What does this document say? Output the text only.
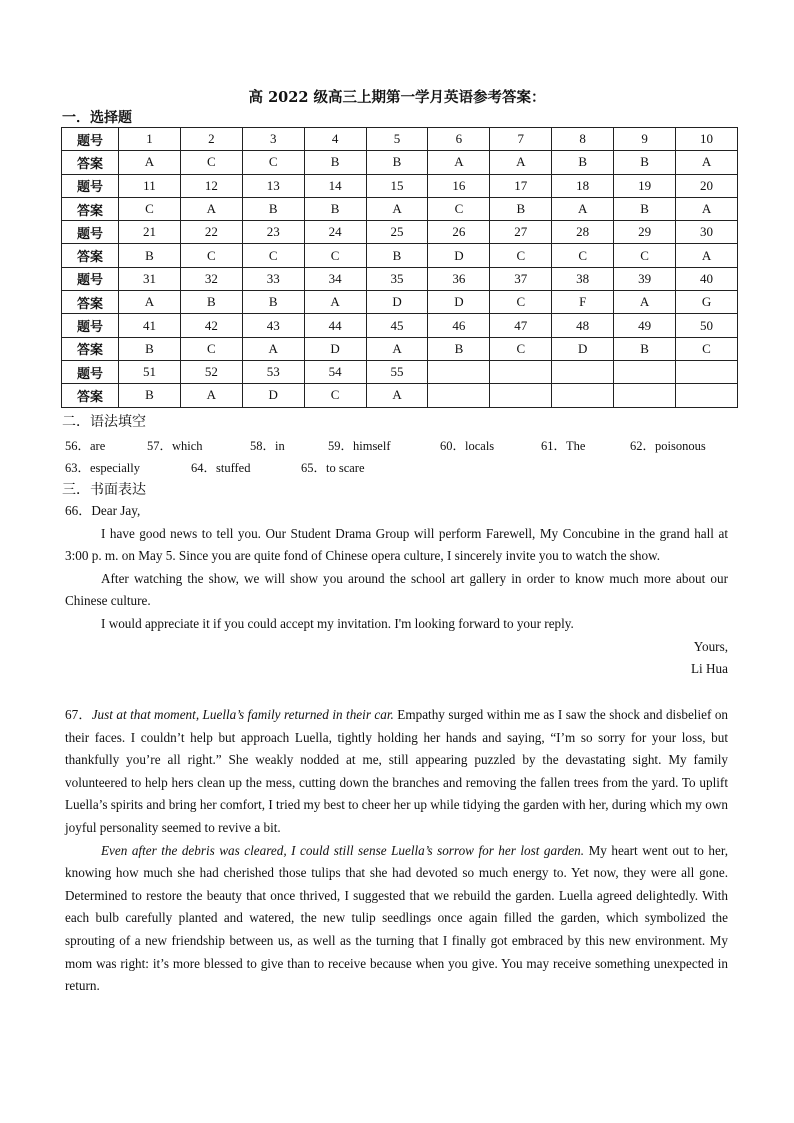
高 2022 级高三上期第一学月英语参考答案：
一．选择题
题号	1	2	3	4	5	6	7	8	9	10
答案	A	C	C	B	B	A	A	B	B	A
题号	11	12	13	14	15	16	17	18	19	20
答案	C	A	B	B	A	C	B	A	B	A
题号	21	22	23	24	25	26	27	28	29	30
答案	B	C	C	C	B	D	C	C	C	A
题号	31	32	33	34	35	36	37	38	39	40
答案	A	B	B	A	D	D	C	F	A	G
题号	41	42	43	44	45	46	47	48	49	50
答案	B	C	A	D	A	B	C	D	B	C
题号	51	52	53	54	55					
答案	B	A	D	C	A					
二．语法填空
56．are	57．which	58．in	59．himself	60．locals	61．The	62．poisonous
63．especially	64．stuffed	65．to scare
三．书面表达

66．Dear Jay,

I have good news to tell you. Our Student Drama Group will perform Farewell, My Concubine in the grand hall at 3:00 p. m. on May 5. Since you are quite fond of Chinese opera culture, I sincerely invite you to watch the show.

After watching the show, we will show you around the school art gallery in order to know much more about our Chinese culture.

I would appreciate it if you could accept my invitation. I'm looking forward to your reply.

Yours,

Li Hua

67．Just at that moment, Luella’s family returned in their car. Empathy surged within me as I saw the shock and disbelief on their faces. I couldn’t help but approach Luella, tightly holding her hands and saying, “I’m so sorry for your loss, but thankfully you’re all right.” She weakly nodded at me, still appearing puzzled by the devastating sight. My family volunteered to help hers clean up the mess, cutting down the branches and removing the fallen trees from the yard. To uplift Luella’s spirits and bring her comfort, I tried my best to cheer her up while tidying the garden with her, during which my own joyful personality seemed to revive a bit.

Even after the debris was cleared, I could still sense Luella’s sorrow for her lost garden. My heart went out to her, knowing how much she had cherished those tulips that she had devoted so much energy to. Yet now, they were all gone. Determined to restore the beauty that once thrived, I suggested that we rebuild the garden. Luella agreed delightedly. With each bulb carefully planted and watered, the new tulip seedlings once again filled the garden, which symbolized the sprouting of a new friendship between us, as well as the turning that I finally got embraced by this new environment. My mom was right: it’s more blessed to give than to receive because when you give. You may receive something unexpected in return.
